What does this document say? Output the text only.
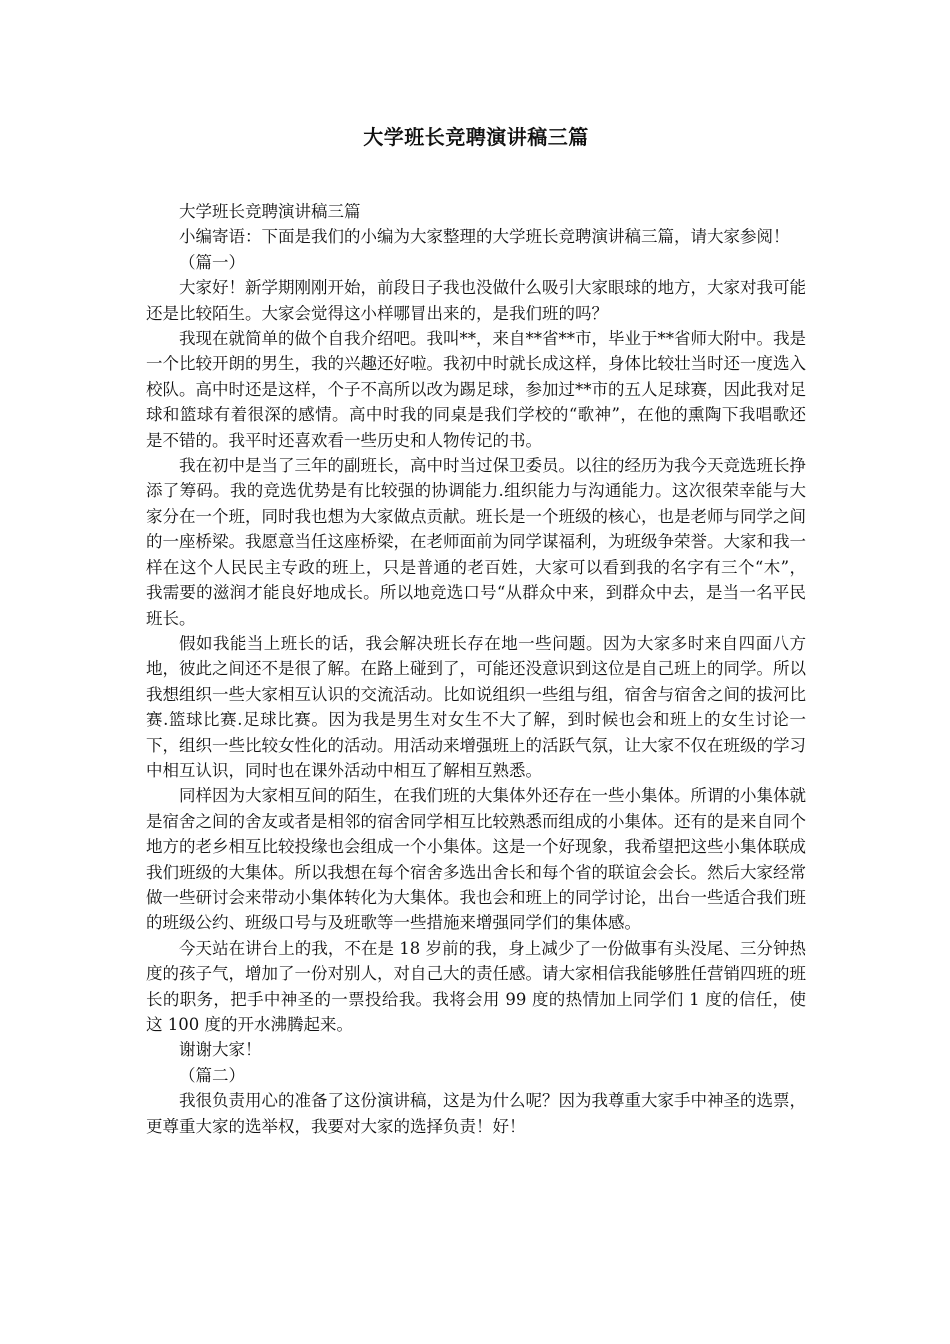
大学班长竞聘演讲稿三篇

大学班长竞聘演讲稿三篇

小编寄语：下面是我们的小编为大家整理的大学班长竞聘演讲稿三篇，请大家参阅！

（篇一）

大家好！新学期刚刚开始，前段日子我也没做什么吸引大家眼球的地方，大家对我可能还是比较陌生。大家会觉得这小样哪冒出来的，是我们班的吗？

我现在就简单的做个自我介绍吧。我叫**，来自**省**市，毕业于**省师大附中。我是一个比较开朗的男生，我的兴趣还好啦。我初中时就长成这样，身体比较壮当时还一度选入校队。高中时还是这样，个子不高所以改为踢足球，参加过**市的五人足球赛，因此我对足球和篮球有着很深的感情。高中时我的同桌是我们学校的“歌神”，在他的熏陶下我唱歌还是不错的。我平时还喜欢看一些历史和人物传记的书。

我在初中是当了三年的副班长，高中时当过保卫委员。以往的经历为我今天竞选班长挣添了筹码。我的竞选优势是有比较强的协调能力.组织能力与沟通能力。这次很荣幸能与大家分在一个班，同时我也想为大家做点贡献。班长是一个班级的核心，也是老师与同学之间的一座桥梁。我愿意当任这座桥梁，在老师面前为同学谋福利，为班级争荣誉。大家和我一样在这个人民民主专政的班上，只是普通的老百姓，大家可以看到我的名字有三个“木”，我需要的滋润才能良好地成长。所以地竞选口号“从群众中来，到群众中去，是当一名平民班长。

假如我能当上班长的话，我会解决班长存在地一些问题。因为大家多时来自四面八方地，彼此之间还不是很了解。在路上碰到了，可能还没意识到这位是自己班上的同学。所以我想组织一些大家相互认识的交流活动。比如说组织一些组与组，宿舍与宿舍之间的拔河比赛.篮球比赛.足球比赛。因为我是男生对女生不大了解，到时候也会和班上的女生讨论一下，组织一些比较女性化的活动。用活动来增强班上的活跃气氛，让大家不仅在班级的学习中相互认识，同时也在课外活动中相互了解相互熟悉。

同样因为大家相互间的陌生，在我们班的大集体外还存在一些小集体。所谓的小集体就是宿舍之间的舍友或者是相邻的宿舍同学相互比较熟悉而组成的小集体。还有的是来自同个地方的老乡相互比较投缘也会组成一个小集体。这是一个好现象，我希望把这些小集体联成我们班级的大集体。所以我想在每个宿舍多选出舍长和每个省的联谊会会长。然后大家经常做一些研讨会来带动小集体转化为大集体。我也会和班上的同学讨论，出台一些适合我们班的班级公约、班级口号与及班歌等一些措施来增强同学们的集体感。

今天站在讲台上的我，不在是 18 岁前的我，身上减少了一份做事有头没尾、三分钟热度的孩子气，增加了一份对别人，对自己大的责任感。请大家相信我能够胜任营销四班的班长的职务，把手中神圣的一票投给我。我将会用 99 度的热情加上同学们 1 度的信任，使这 100 度的开水沸腾起来。

谢谢大家！

（篇二）

我很负责用心的准备了这份演讲稿，这是为什么呢？因为我尊重大家手中神圣的选票，更尊重大家的选举权，我要对大家的选择负责！好！
